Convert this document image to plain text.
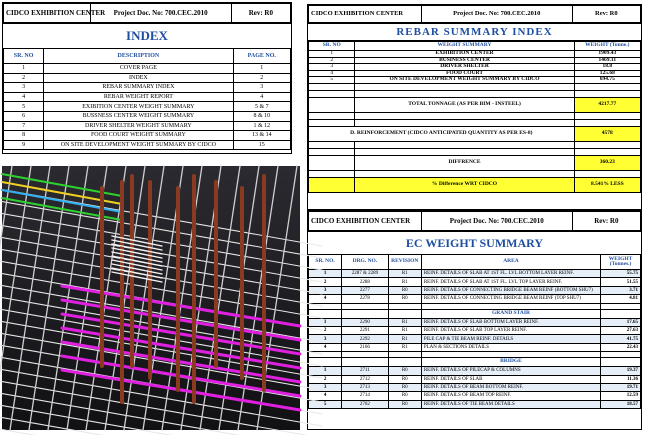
CIDCO EXHIBITION CENTER	Project Doc. No: 700.CEC.2010	Rev: R0
INDEX
SR. NO	DESCRIPTION	PAGE NO.
1	COVER PAGE	1
2	INDEX	2
3	REBAR SUMMARY INDEX	3
4	REBAR WEIGHT REPORT	4
5	EXIBITION CENTER WEIGHT SUMMARY	5 & 7
6	BUSSNESS CENTER WEIGHT SUMMARY	8 & 10
7	DRIVER SHELTER WEIGHT SUMMARY	1 & 12
8	FOOD COURT WEIGHT SUMMARY	13 & 14
9	ON SITE DEVELOPMENT WEIGHT SUMMARY BY CIDCO	15
CIDCO EXHIBITION CENTER	Project Doc. No: 700.CEC.2010	Rev: R0
REBAR SUMMARY INDEX
SR. NO	WEIGHT SUMMARY	WEIGHT (Tonne.)
1	EXHIBITION CENTER	1909.43
2	BUSINESS CENTER	1469.11
3	DRIVER SHELTER	18.8
4	FOOD COURT	125.68
5	ON SITE DEVELOPMENT WEIGHT SUMMARY BY CIDCO	694.75

	TOTAL TONNAGE (AS PER BIM - INSTEEL)	4217.77

D. REINFORCEMENT (CIDCO ANTICIPATED QUANTITY AS PER ES-8)		4578

	DIFFRENCE	360.23

	% Difference WRT CIDCO	8.541% LESS
CIDCO EXHIBITION CENTER	Project Doc. No: 700.CEC.2010	Rev: R0
EC WEIGHT SUMMARY
SR. NO.	DRG. NO.	REVISION	AREA	WEIGHT (Tonnes.)
1	2287 & 2289	R1	REINF. DETAILS OF SLAB AT 1ST FL. LVL BOTTOM LAYER REINF.	55.75
2	2288	R1	REINF. DETAILS OF SLAB AT 1ST FL. LVL TOP LAYER REINF.	51.55
3	2277	R0	REINF. DETAILS OF CONNECTING BRIDGE BEAM REINF (BOTTOM SHU7)	3.71
4	2278	R0	REINF. DETAILS OF CONNECTING BRIDGE BEAM REINF (TOP SHU7)	4.81

			GRAND STAIR	
1	2290	R1	REINF. DETAILS OF SLAB BOTTOM LAYER REINF.	17.65
2	2291	R1	REINF. DETAILS OF SLAB TOP LAYER REINF.	27.63
3	2292	R1	PILE CAP & TIE BEAM REINF. DETAILS	41.75
4	2166	R1	PLAN & SECTIONS DETAILS	22.43

			BRIDGE	
1	2711	R0	REINF. DETAILS OF PILECAP & COLUMNS	19.37
2	2712	R0	REINF. DETAILS OF SLAB	11.36
3	2713	R0	REINF. DETAILS OF BEAM BOTTOM REINF.	19.71
4	2714	R0	REINF. DETAILS OF BEAM TOP REINF.	12.59
5	2702	R0	REINF. DETAILS OF TIE BEAM DETAILS	18.57
